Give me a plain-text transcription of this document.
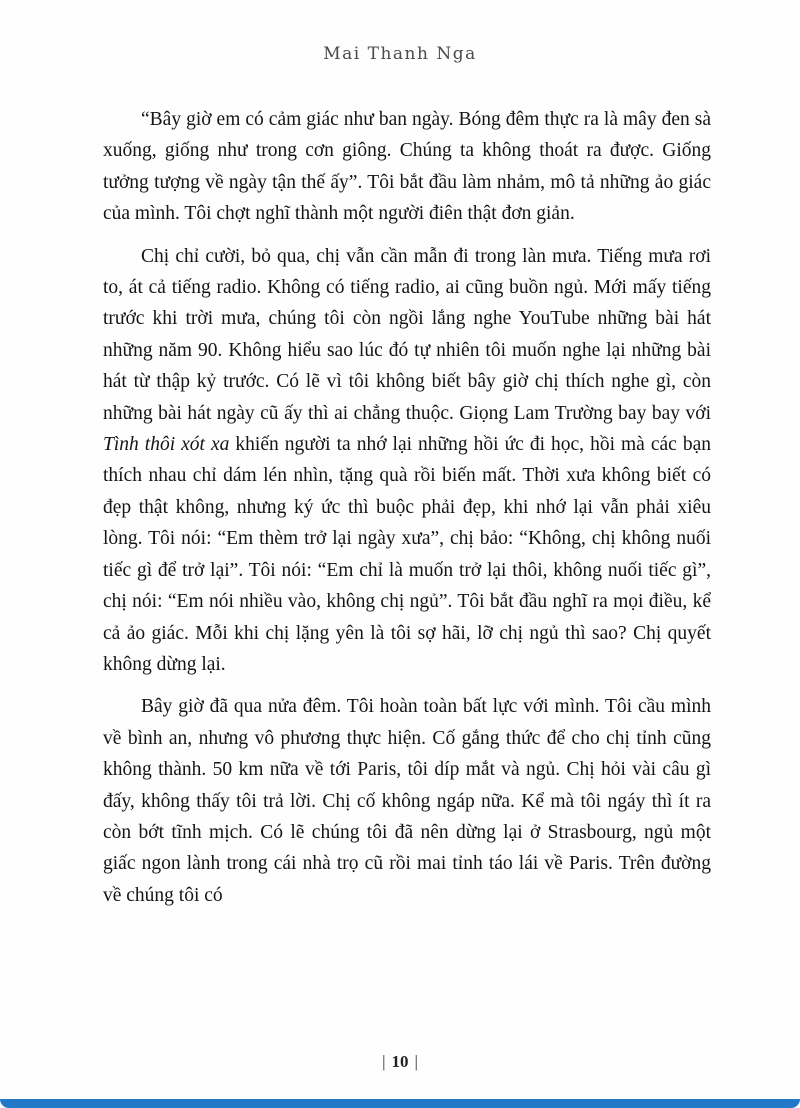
Mai Thanh Nga

“Bây giờ em có cảm giác như ban ngày. Bóng đêm thực ra là mây đen sà xuống, giống như trong cơn giông. Chúng ta không thoát ra được. Giống tưởng tượng về ngày tận thế ấy”. Tôi bắt đầu làm nhảm, mô tả những ảo giác của mình. Tôi chợt nghĩ thành một người điên thật đơn giản.

Chị chỉ cười, bỏ qua, chị vẫn cần mẫn đi trong làn mưa. Tiếng mưa rơi to, át cả tiếng radio. Không có tiếng radio, ai cũng buồn ngủ. Mới mấy tiếng trước khi trời mưa, chúng tôi còn ngồi lắng nghe YouTube những bài hát những năm 90. Không hiểu sao lúc đó tự nhiên tôi muốn nghe lại những bài hát từ thập kỷ trước. Có lẽ vì tôi không biết bây giờ chị thích nghe gì, còn những bài hát ngày cũ ấy thì ai chẳng thuộc. Giọng Lam Trường bay bay với Tình thôi xót xa khiến người ta nhớ lại những hồi ức đi học, hồi mà các bạn thích nhau chỉ dám lén nhìn, tặng quà rồi biến mất. Thời xưa không biết có đẹp thật không, nhưng ký ức thì buộc phải đẹp, khi nhớ lại vẫn phải xiêu lòng. Tôi nói: “Em thèm trở lại ngày xưa”, chị bảo: “Không, chị không nuối tiếc gì để trở lại”. Tôi nói: “Em chỉ là muốn trở lại thôi, không nuối tiếc gì”, chị nói: “Em nói nhiều vào, không chị ngủ”. Tôi bắt đầu nghĩ ra mọi điều, kể cả ảo giác. Mỗi khi chị lặng yên là tôi sợ hãi, lỡ chị ngủ thì sao? Chị quyết không dừng lại.

Bây giờ đã qua nửa đêm. Tôi hoàn toàn bất lực với mình. Tôi cầu mình về bình an, nhưng vô phương thực hiện. Cố gắng thức để cho chị tỉnh cũng không thành. 50 km nữa về tới Paris, tôi díp mắt và ngủ. Chị hỏi vài câu gì đấy, không thấy tôi trả lời. Chị cố không ngáp nữa. Kể mà tôi ngáy thì ít ra còn bớt tĩnh mịch. Có lẽ chúng tôi đã nên dừng lại ở Strasbourg, ngủ một giấc ngon lành trong cái nhà trọ cũ rồi mai tỉnh táo lái về Paris. Trên đường về chúng tôi có

| 10 |
